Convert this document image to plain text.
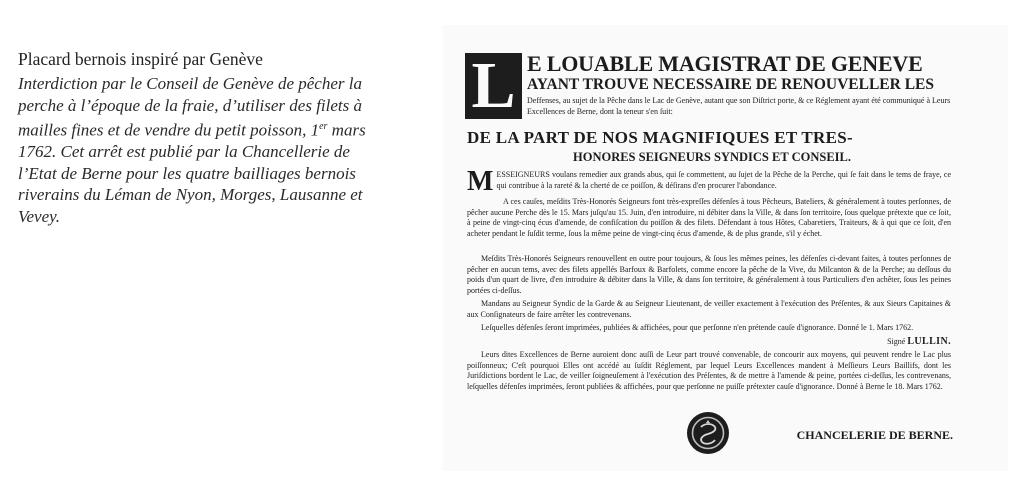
Placard bernois inspiré par Genève

Interdiction par le Conseil de Genève de pêcher la perche à l’époque de la fraie, d’utiliser des filets à mailles fines et de vendre du petit poisson, 1er mars 1762. Cet arrêt est publié par la Chancellerie de l’Etat de Berne pour les quatre bailliages bernois riverains du Léman de Nyon, Morges, Lausanne et Vevey.
L E LOUABLE MAGISTRAT DE GENEVE
AYANT TROUVE NECESSAIRE DE RENOUVELLER LES
Deffenses, au sujet de la Pêche dans le Lac de Genève, autant que son Diſtrict porte, & ce Réglement ayant été communiqué à Leurs Excellences de Berne, dont la teneur s'en ſuit:
DE LA PART DE NOS MAGNIFIQUES ET TRES-
HONORES SEIGNEURS SYNDICS ET CONSEIL.
MESSEIGNEURS voulans remedier aux grands abus, qui ſe commettent, au ſujet de la Pêche de la Perche, qui ſe fait dans le tems de fraye, ce qui contribue à la rareté & la cherté de ce poiſſon, & déſirans d'en procurer l'abondance.
A ces cauſes, meſdits Très-Honorés Seigneurs font très-expreſſes défenſes à tous Pêcheurs, Bateliers, & généralement à toutes perſonnes, de pêcher aucune Perche dès le 15. Mars juſqu'au 15. Juin, d'en introduire, ni débiter dans la Ville, & dans ſon territoire, ſous quelque prétexte que ce ſoit, à peine de vingt-cinq écus d'amende, de confiſcation du poiſſon & des filets. Défendant à tous Hôtes, Cabaretiers, Traiteurs, & à qui que ce ſoit, d'en acheter pendant le ſuſdit terme, ſous la même peine de vingt-cinq écus d'amende, & de plus grande, s'il y échet.
Meſdits Très-Honorés Seigneurs renouvellent en outre pour toujours, & ſous les mêmes peines, les défenſes ci-devant faites, à toutes perſonnes de pêcher en aucun tems, avec des filets appellés Barfoux & Barfolets, comme encore la pêche de la Vive, du Milcanton & de la Perche; au deſſous du poids d'un quart de livre, d'en introduire & débiter dans la Ville, & dans ſon territoire, & généralement à tous Particuliers d'en achêter, ſous les peines portées ci-deſſus.
Mandans au Seigneur Syndic de la Garde & au Seigneur Lieutenant, de veiller exactement à l'exécution des Préſentes, & aux Sieurs Capitaines & aux Conſignateurs de faire arrêter les contrevenans.
Leſquelles défenſes ſeront imprimées, publiées & affichées, pour que perſonne n'en prétende cauſe d'ignorance. Donné le 1. Mars 1762.
Signé LULLIN.
Leurs dites Excellences de Berne auroient donc auſſi de Leur part trouvé convenable, de concourir aux moyens, qui peuvent rendre le Lac plus poiſſonneux; C'eſt pourquoi Elles ont accédé au ſuſdit Réglement, par lequel Leurs Excellences mandent à Meſſieurs Leurs Baillifs, dont les Juriſdictions bordent le Lac, de veiller ſoigneuſement à l'exécution des Préſentes, & de mettre à l'amende & peine, portées ci-deſſus, les contrevenans, leſquelles défenſes imprimées, ſeront publiées & affichées, pour que perſonne ne puiſſe prétexter cauſe d'ignorance. Donné à Berne le 18. Mars 1762.
CHANCELERIE DE BERNE.
